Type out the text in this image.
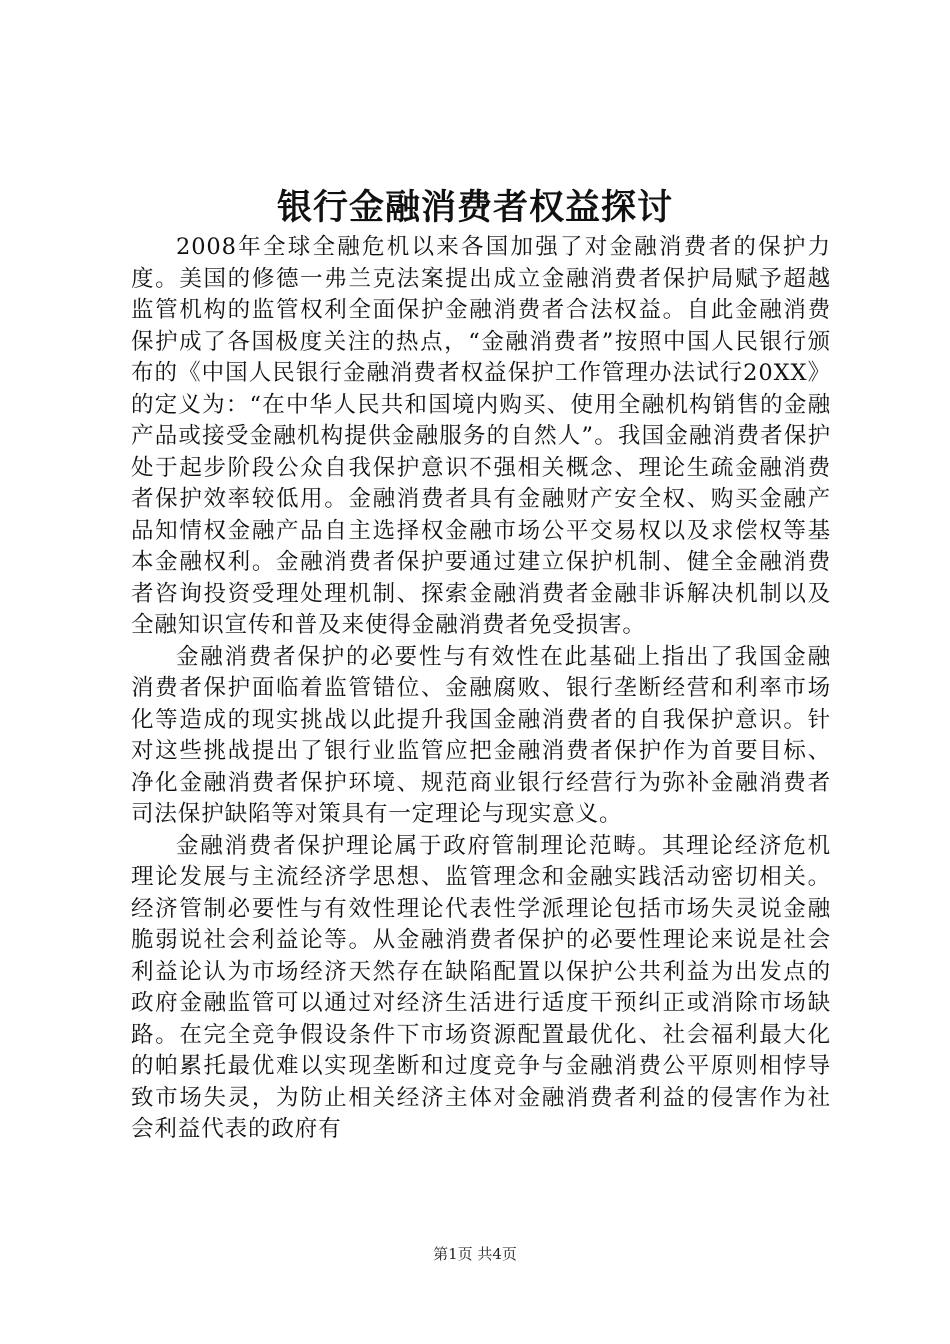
银行金融消费者权益探讨

2008年全球全融危机以来各国加强了对金融消费者的保护力度。美国的修德一弗兰克法案提出成立金融消费者保护局赋予超越监管机构的监管权利全面保护金融消费者合法权益。自此金融消费保护成了各国极度关注的热点，“金融消费者”按照中国人民银行颁布的《中国人民银行金融消费者权益保护工作管理办法试行20XX》的定义为：“在中华人民共和国境内购买、使用全融机构销售的金融产品或接受金融机构提供金融服务的自然人”。我国金融消费者保护处于起步阶段公众自我保护意识不强相关概念、理论生疏金融消费者保护效率较低用。金融消费者具有金融财产安全权、购买金融产品知情权金融产品自主选择权金融市场公平交易权以及求偿权等基本金融权利。金融消费者保护要通过建立保护机制、健全金融消费者咨询投资受理处理机制、探索金融消费者金融非诉解决机制以及全融知识宣传和普及来使得金融消费者免受损害。

金融消费者保护的必要性与有效性在此基础上指出了我国金融消费者保护面临着监管错位、金融腐败、银行垄断经营和利率市场化等造成的现实挑战以此提升我国金融消费者的自我保护意识。针对这些挑战提出了银行业监管应把金融消费者保护作为首要目标、净化金融消费者保护环境、规范商业银行经营行为弥补金融消费者司法保护缺陷等对策具有一定理论与现实意义。

金融消费者保护理论属于政府管制理论范畴。其理论经济危机理论发展与主流经济学思想、监管理念和金融实践活动密切相关。经济管制必要性与有效性理论代表性学派理论包括市场失灵说金融脆弱说社会利益论等。从金融消费者保护的必要性理论来说是社会利益论认为市场经济天然存在缺陷配置以保护公共利益为出发点的政府金融监管可以通过对经济生活进行适度干预纠正或消除市场缺路。在完全竞争假设条件下市场资源配置最优化、社会福利最大化的帕累托最优难以实现垄断和过度竞争与金融消费公平原则相悖导致市场失灵，为防止相关经济主体对金融消费者利益的侵害作为社会利益代表的政府有

第1页 共4页
